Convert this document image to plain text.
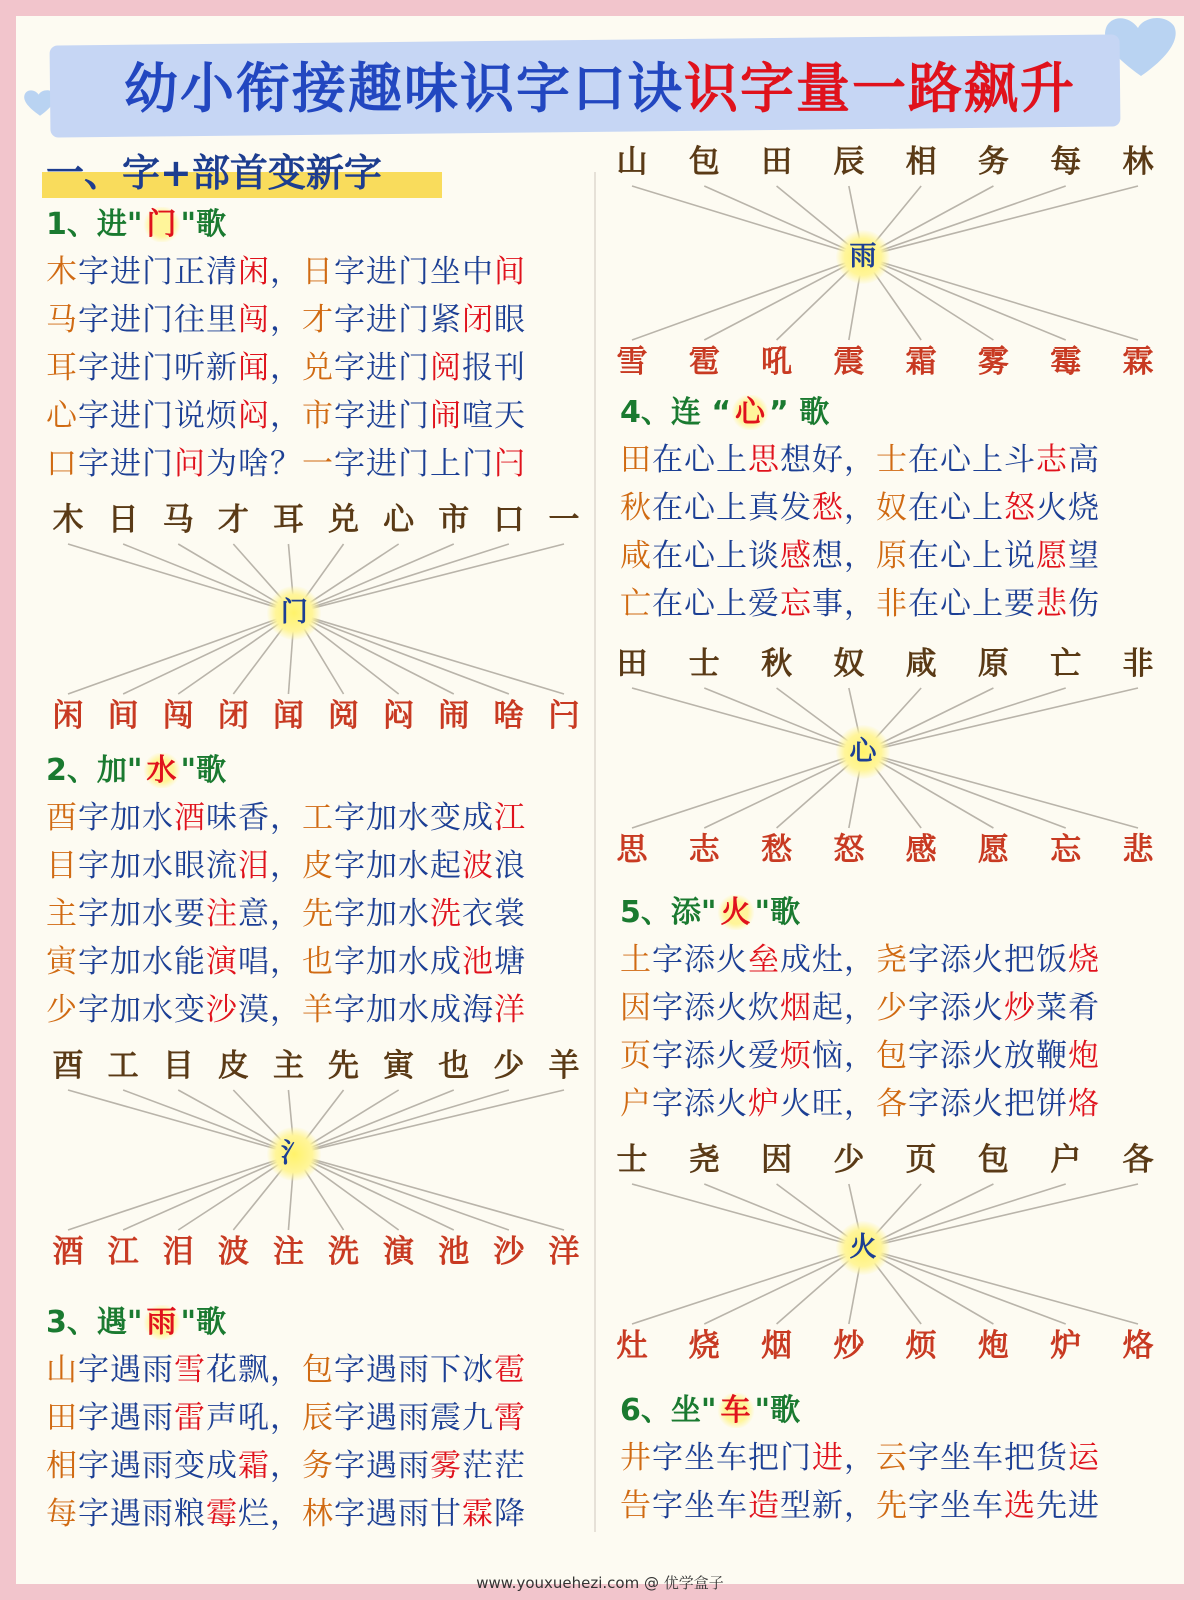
幼小衔接趣味识字口诀识字量一路飙升
一、字+部首变新字
1、进" 门 "歌
木字进门正清闲，日字进门坐中间
马字进门往里闯，才字进门紧闭眼
耳字进门听新闻，兑字进门阅报刊
心字进门说烦闷，市字进门闹喧天
口字进门问为啥？一字进门上门闩
木 日 马 才 耳 兑 心 市 口 一
闲 间 闯 闭 闻 阅 闷 闹 啥 闩
门
2、加" 水 "歌
酉字加水酒味香，工字加水变成江
目字加水眼流泪，皮字加水起波浪
主字加水要注意，先字加水洗衣裳
寅字加水能演唱，也字加水成池塘
少字加水变沙漠，羊字加水成海洋
酉 工 目 皮 主 先 寅 也 少 羊
酒 江 泪 波 注 洗 演 池 沙 洋
氵
3、遇" 雨 "歌
山字遇雨雪花飘，包字遇雨下冰雹
田字遇雨雷声吼，辰字遇雨震九霄
相字遇雨变成霜，务字遇雨雾茫茫
每字遇雨粮霉烂，林字遇雨甘霖降
山 包 田 辰 相 务 每 林
雪 雹 吼 震 霜 雾 霉 霖
雨
4、连 “ 心 ” 歌
田在心上思想好，士在心上斗志高
秋在心上真发愁，奴在心上怒火烧
咸在心上谈感想，原在心上说愿望
亡在心上爱忘事，非在心上要悲伤
田 士 秋 奴 咸 原 亡 非
思 志 愁 怒 感 愿 忘 悲
心
5、添" 火 "歌
土字添火垒成灶，尧字添火把饭烧
因字添火炊烟起，少字添火炒菜肴
页字添火爱烦恼，包字添火放鞭炮
户字添火炉火旺，各字添火把饼烙
士 尧 因 少 页 包 户 各
灶 烧 烟 炒 烦 炮 炉 烙
火
6、坐" 车 "歌
井字坐车把门进，云字坐车把货运
告字坐车造型新，先字坐车选先进
www.youxuehezi.com @ 优学盒子
